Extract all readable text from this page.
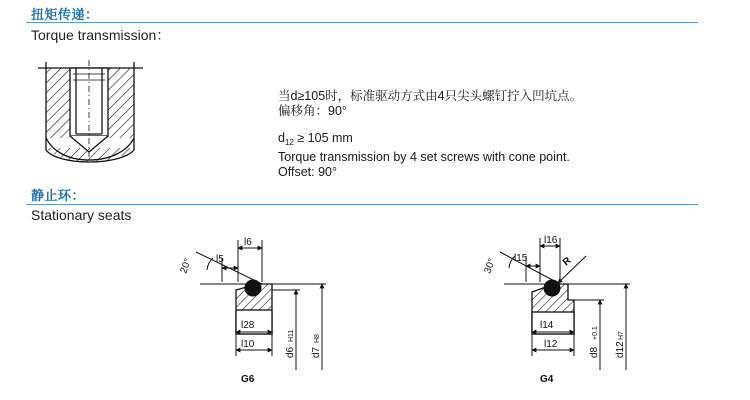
扭矩传递：
Torque transmission：
当d≥105时，标准驱动方式由4只尖头螺钉拧入凹坑点。
偏移角：90°
$d_{12} \ge 105$ mm
Torque transmission by 4 set screws with cone point.
Offset: 90°
静止环：
Stationary seats
20°
l6
l5
l28
l10
d6
H11
d7
H8
G6
30°
l16
l15	R
l14
l12
d8
+0.1
d12
H7
G4
